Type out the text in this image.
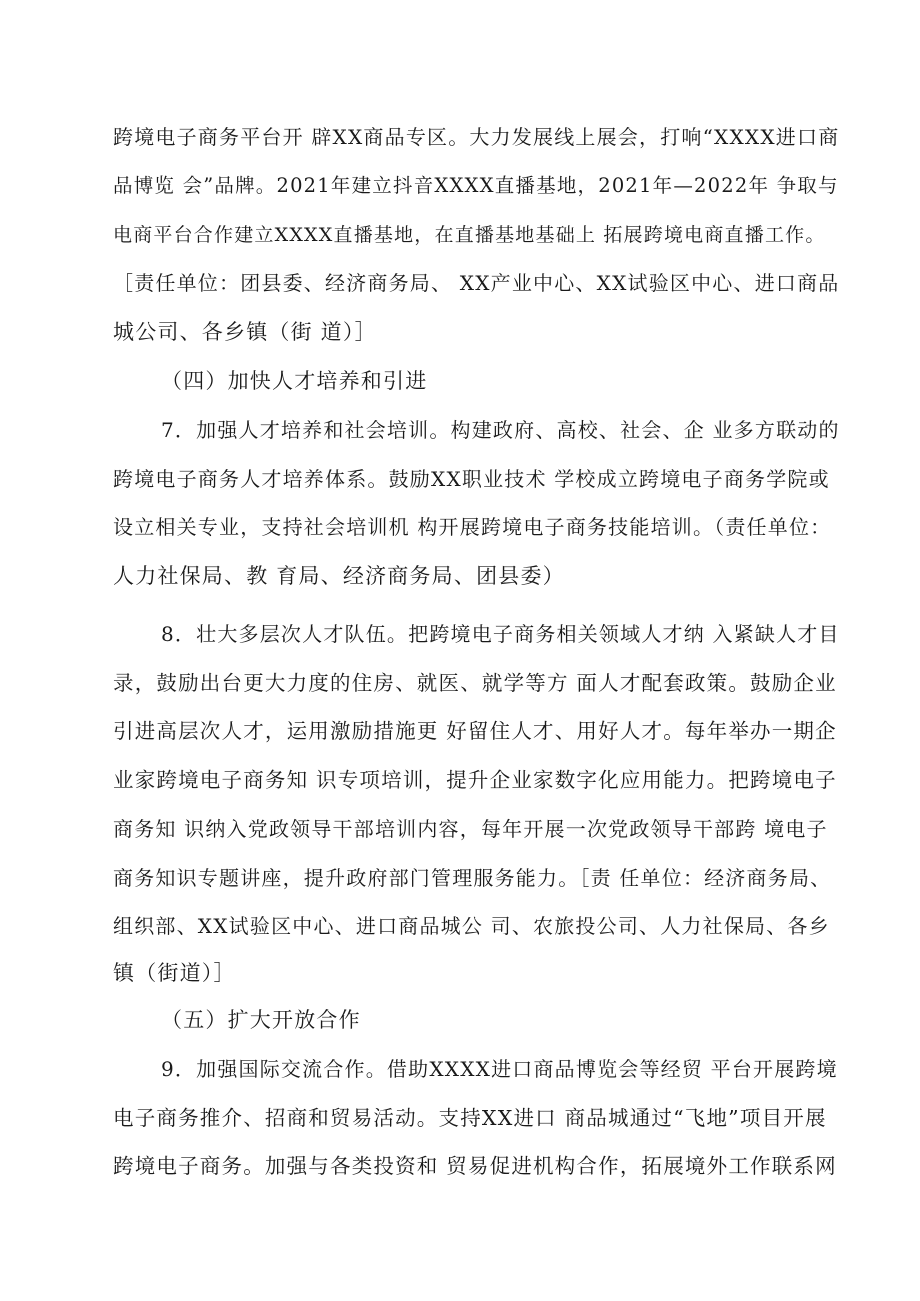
跨境电子商务平台开 辟XX商品专区。大力发展线上展会，打响“XXXX进口商
品博览 会”品牌。2021年建立抖音XXXX直播基地，2021年—2022年 争取与
电商平台合作建立XXXX直播基地，在直播基地基础上 拓展跨境电商直播工作。
［责任单位：团县委、经济商务局、 XX产业中心、XX试验区中心、进口商品
城公司、各乡镇（街 道）］
（四）加快人才培养和引进
7．加强人才培养和社会培训。构建政府、高校、社会、企 业多方联动的
跨境电子商务人才培养体系。鼓励XX职业技术 学校成立跨境电子商务学院或
设立相关专业，支持社会培训机 构开展跨境电子商务技能培训。（责任单位：
人力社保局、教 育局、经济商务局、团县委）
8．壮大多层次人才队伍。把跨境电子商务相关领域人才纳 入紧缺人才目
录，鼓励出台更大力度的住房、就医、就学等方 面人才配套政策。鼓励企业
引进高层次人才，运用激励措施更 好留住人才、用好人才。每年举办一期企
业家跨境电子商务知 识专项培训，提升企业家数字化应用能力。把跨境电子
商务知 识纳入党政领导干部培训内容，每年开展一次党政领导干部跨 境电子
商务知识专题讲座，提升政府部门管理服务能力。［责 任单位：经济商务局、
组织部、XX试验区中心、进口商品城公 司、农旅投公司、人力社保局、各乡
镇（街道）］
（五）扩大开放合作
9．加强国际交流合作。借助XXXX进口商品博览会等经贸 平台开展跨境
电子商务推介、招商和贸易活动。支持XX进口 商品城通过“飞地”项目开展
跨境电子商务。加强与各类投资和 贸易促进机构合作，拓展境外工作联系网
